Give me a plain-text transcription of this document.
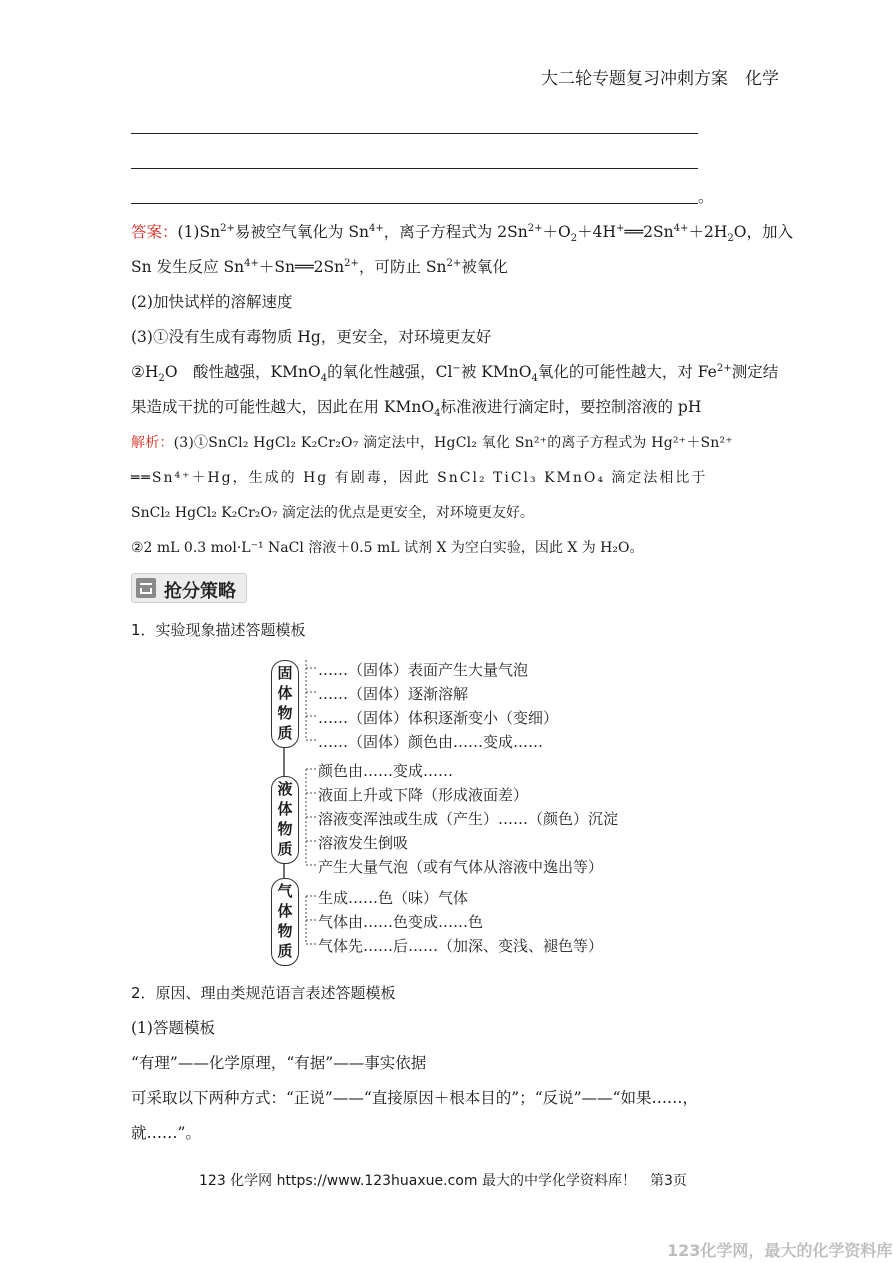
大二轮专题复习冲刺方案　化学
。
答案：$(1)Sn^{2+}$易被空气氧化为 $Sn^{4+}$，离子方程式为 $2Sn^{2+}+O_2+4H^+══2Sn^{4+}+2H_2O$，加入
Sn 发生反应 $Sn^{4+}+Sn══2Sn^{2+}$，可防止 $Sn^{2+}$被氧化
(2)加快试样的溶解速度
(3)①没有生成有毒物质 Hg，更安全，对环境更友好
$②H_2O$　酸性越强，KMnO$_4$的氧化性越强，Cl−被 KMnO$_4$氧化的可能性越大，对 $Fe^{2+}$测定结
果造成干扰的可能性越大，因此在用 KMnO$_4$标准液进行滴定时，要控制溶液的 pH
解析：(3)①SnCl₂ HgCl₂ K₂Cr₂O₇ 滴定法中，HgCl₂ 氧化 Sn²⁺的离子方程式为 Hg²⁺＋Sn²⁺
══Sn⁴⁺＋Hg，生成的 Hg 有剧毒，因此 SnCl₂ TiCl₃ KMnO₄ 滴定法相比于
SnCl₂ HgCl₂ K₂Cr₂O₇ 滴定法的优点是更安全，对环境更友好。
②2 mL 0.3 mol·L⁻¹ NaCl 溶液＋0.5 mL 试剂 X 为空白实验，因此 X 为 H₂O。
抢分策略
1．实验现象描述答题模板
固
体
物
质
液
体
物
质
气
体
物
质
……（固体）表面产生大量气泡
……（固体）逐渐溶解
……（固体）体积逐渐变小（变细）
……（固体）颜色由……变成……
颜色由……变成……
液面上升或下降（形成液面差）
溶液变浑浊或生成（产生）……（颜色）沉淀
溶液发生倒吸
产生大量气泡（或有气体从溶液中逸出等）
生成……色（味）气体
气体由……色变成……色
气体先……后……（加深、变浅、褪色等）
2．原因、理由类规范语言表述答题模板
(1)答题模板
“有理”——化学原理，“有据”——事实依据
可采取以下两种方式：“正说”——“直接原因＋根本目的”；“反说”——“如果……，
就……”。
123 化学网 https://www.123huaxue.com 最大的中学化学资料库！　第3页
123化学网，最大的化学资料库
